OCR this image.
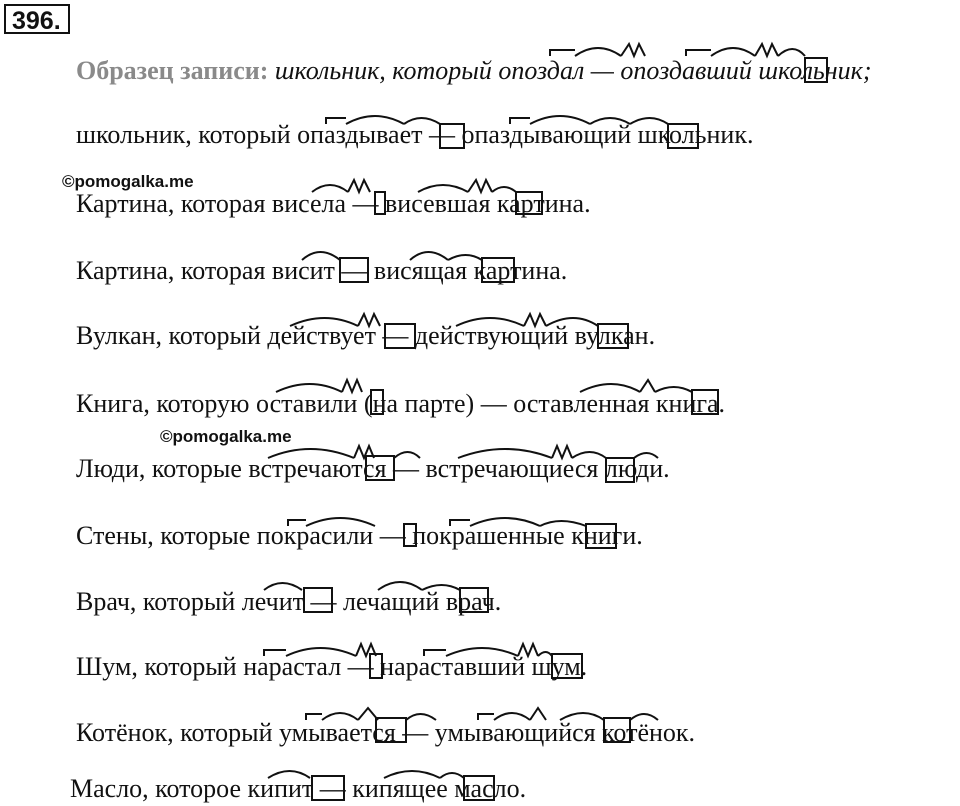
396.
Образец записи: школьник, который опоздал — опоздавший школьник;
школьник, который опаздывает — опаздывающий школьник.
©pomogalka.me
©pomogalka.me
Картина, которая висела — висевшая картина.
Картина, которая висит — висящая картина.
Вулкан, который действует — действующий вулкан.
Книга, которую оставили (на парте) — оставленная книга.
Люди, которые встречаются — встречающиеся люди.
Стены, которые покрасили — покрашенные книги.
Врач, который лечит — лечащий врач.
Шум, который нарастал — нараставший шум.
Котёнок, который умывается — умывающийся котёнок.
Масло, которое кипит — кипящее масло.
